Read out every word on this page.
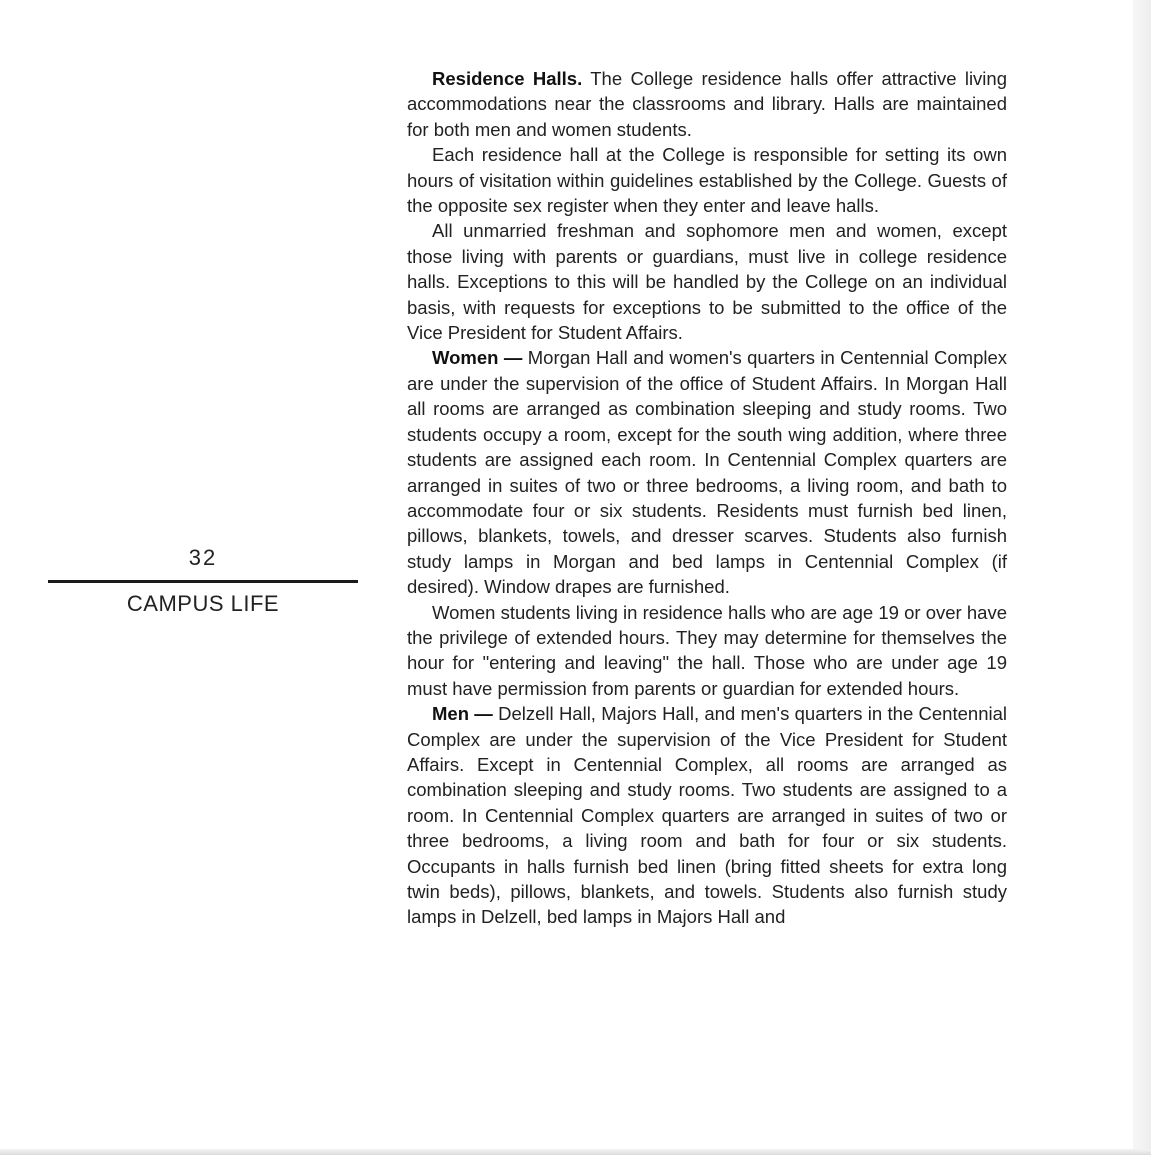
32
CAMPUS LIFE

Residence Halls. The College residence halls offer attractive living accommodations near the classrooms and library. Halls are maintained for both men and women students.

Each residence hall at the College is responsible for setting its own hours of visitation within guidelines established by the College. Guests of the opposite sex register when they enter and leave halls.

All unmarried freshman and sophomore men and women, except those living with parents or guardians, must live in college residence halls. Exceptions to this will be handled by the College on an individual basis, with requests for exceptions to be submitted to the office of the Vice President for Student Affairs.

Women — Morgan Hall and women's quarters in Centennial Complex are under the supervision of the office of Student Affairs. In Morgan Hall all rooms are arranged as combination sleeping and study rooms. Two students occupy a room, except for the south wing addition, where three students are assigned each room. In Centennial Complex quarters are arranged in suites of two or three bedrooms, a living room, and bath to accommodate four or six students. Residents must furnish bed linen, pillows, blankets, towels, and dresser scarves. Students also furnish study lamps in Morgan and bed lamps in Centennial Complex (if desired). Window drapes are furnished.

Women students living in residence halls who are age 19 or over have the privilege of extended hours. They may determine for themselves the hour for "entering and leaving" the hall. Those who are under age 19 must have permission from parents or guardian for extended hours.

Men — Delzell Hall, Majors Hall, and men's quarters in the Centennial Complex are under the supervision of the Vice President for Student Affairs. Except in Centennial Complex, all rooms are arranged as combination sleeping and study rooms. Two students are assigned to a room. In Centennial Complex quarters are arranged in suites of two or three bedrooms, a living room and bath for four or six students. Occupants in halls furnish bed linen (bring fitted sheets for extra long twin beds), pillows, blankets, and towels. Students also furnish study lamps in Delzell, bed lamps in Majors Hall and
